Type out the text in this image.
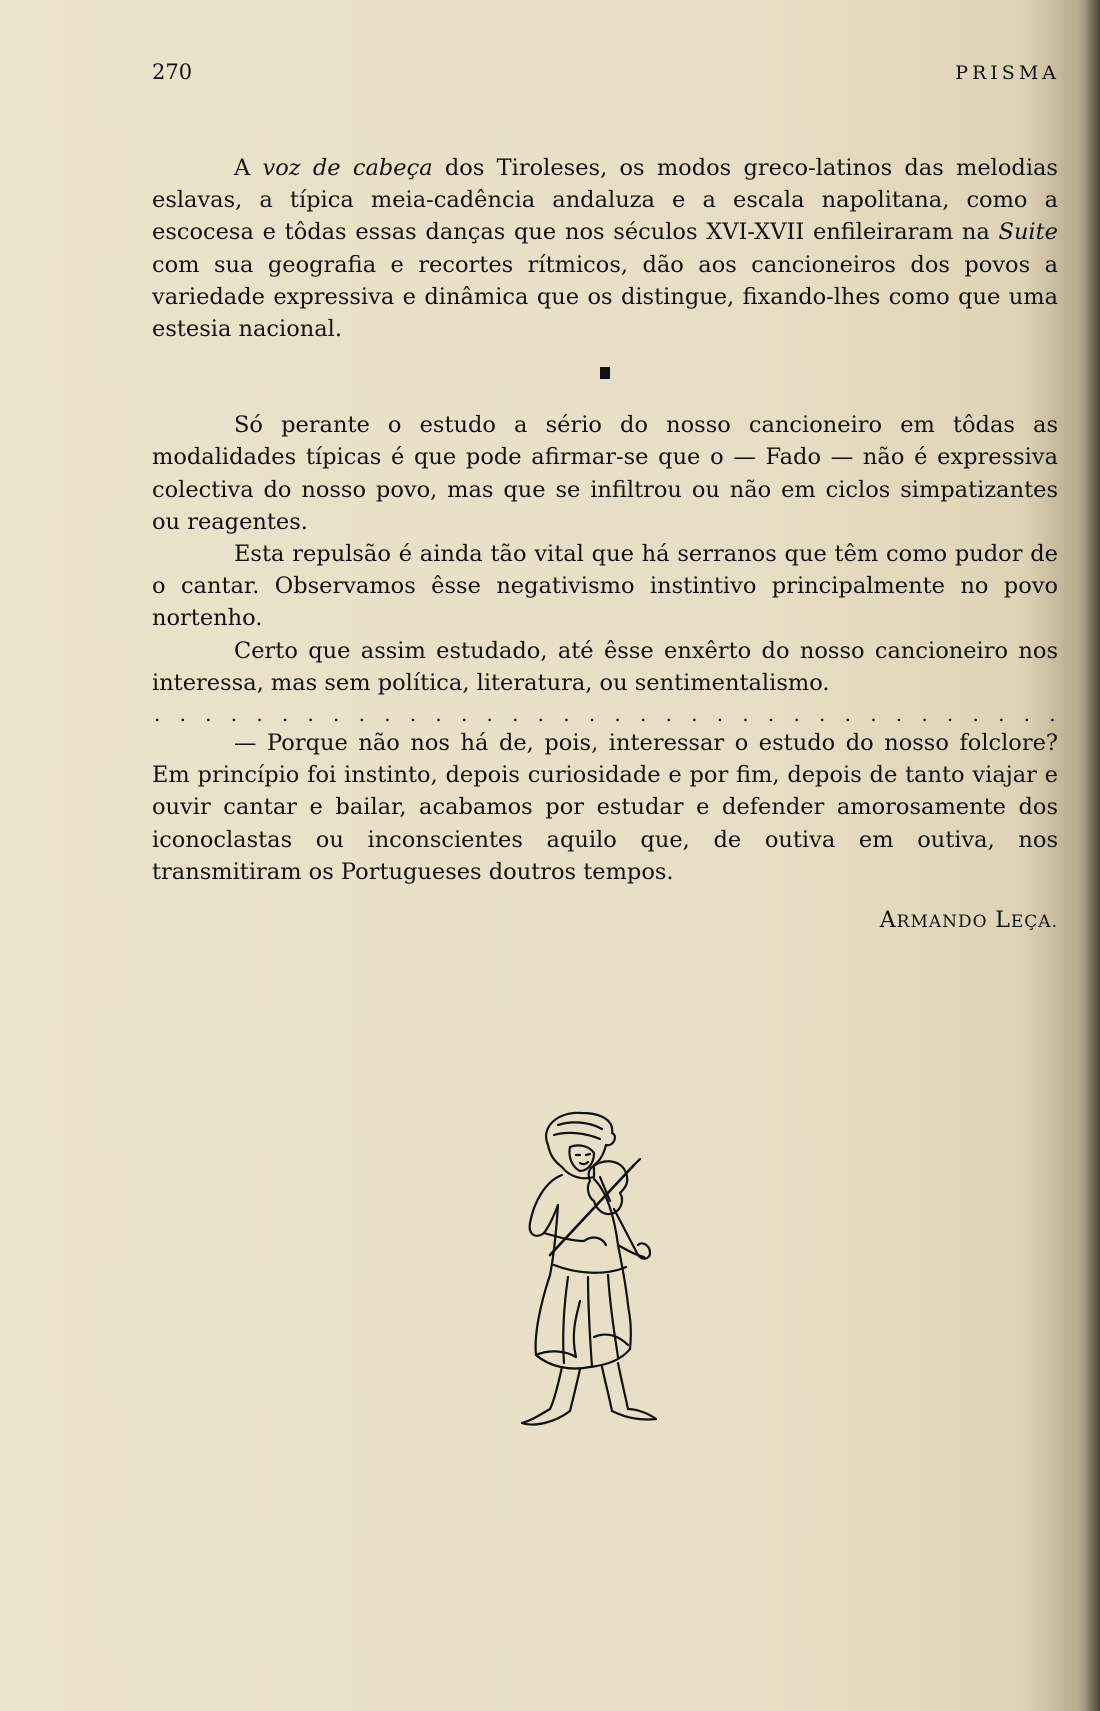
270	PRISMA

A voz de cabeça dos Tiroleses, os modos greco-latinos das melodias eslavas, a típica meia-cadência andaluza e a escala napolitana, como a escocesa e tôdas essas danças que nos séculos XVI-XVII enfileiraram na Suite com sua geografia e recortes rítmicos, dão aos cancioneiros dos povos a variedade expressiva e dinâmica que os distingue, fixando-lhes como que uma estesia nacional.

Só perante o estudo a sério do nosso cancioneiro em tôdas as modalidades típicas é que pode afirmar-se que o — Fado — não é expressiva colectiva do nosso povo, mas que se infiltrou ou não em ciclos simpatizantes ou reagentes.

Esta repulsão é ainda tão vital que há serranos que têm como pudor de o cantar. Observamos êsse negativismo instintivo principalmente no povo nortenho.

Certo que assim estudado, até êsse enxêrto do nosso cancioneiro nos interessa, mas sem política, literatura, ou sentimentalismo.

. . . . . . . . . . . . . . . . . . . . . . . . . . . . . . . . . . . .

— Porque não nos há de, pois, interessar o estudo do nosso folclore? Em princípio foi instinto, depois curiosidade e por fim, depois de tanto viajar e ouvir cantar e bailar, acabamos por estudar e defender amorosamente dos iconoclastas ou inconscientes aquilo que, de outiva em outiva, nos transmitiram os Portugueses doutros tempos.

ARMANDO LEÇA.
